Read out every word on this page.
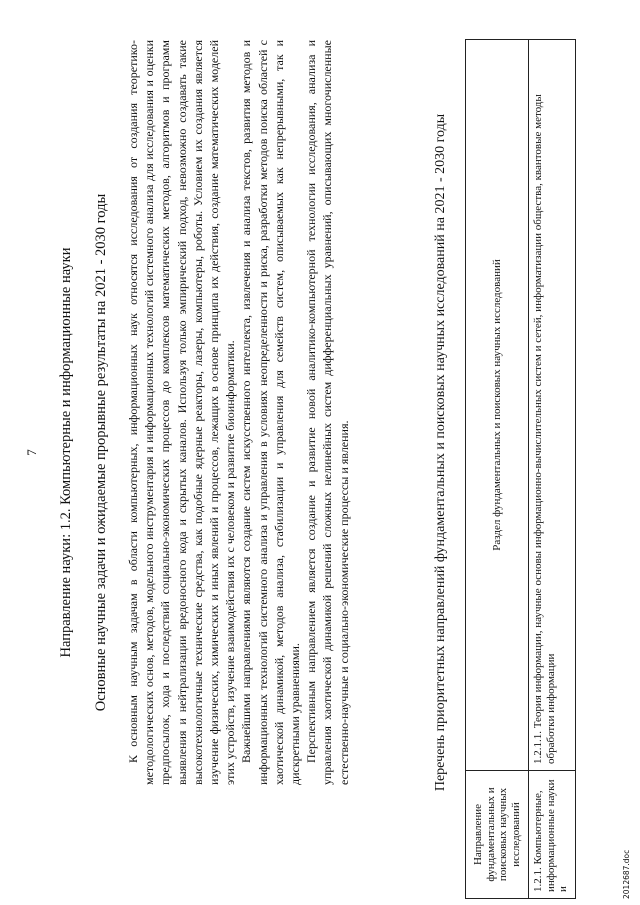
7 Направление науки: 1.2. Компьютерные и информационные науки Основные научные задачи и ожидаемые прорывные результаты на 2021 - 2030 годы К основным научным задачам в области компьютерных, информационных наук относятся исследования от создания теоретико-методологических основ, методов, модельного инструментария и информационных технологий системного анализа для исследования и оценки предпосылок, хода и последствий социально-экономических процессов до комплексов математических методов, алгоритмов и программ выявления и нейтрализации вредоносного кода и скрытых каналов. Используя только эмпирический подход, невозможно создавать такие высокотехнологичные технические средства, как подобные ядерные реакторы, лазеры, компьютеры, роботы. Условием их создания является изучение физических, химических и иных явлений и процессов, лежащих в основе принципа их действия, создание математических моделей этих устройств, изучение взаимодействия их с человеком и развитие биоинформатики. Важнейшими направлениями являются создание систем искусственного интеллекта, извлечения и анализа текстов, развития методов и информационных технологий системного анализа и управления в условиях неопределенности и риска, разработки методов поиска областей с хаотической динамикой, методов анализа, стабилизации и управления для семейств систем, описываемых как непрерывными, так и дискретными уравнениями. Перспективным направлением является создание и развитие новой аналитико-компьютерной технологии исследования, анализа и управления хаотической динамикой решений сложных нелинейных систем дифференциальных уравнений, описывающих многочисленные естественно-научные и социально-экономические процессы и явления.	Перечень приоритетных направлений фундаментальных и поисковых научных исследований на 2021 - 2030 годы
Направление фундаментальных и поисковых научных исследований	Раздел фундаментальных и поисковых научных исследований
1.2.1. Компьютерные, информационные науки и	1.2.1.1. Теория информации, научные основы информационно-вычислительных систем и сетей, информатизации общества, квантовые методы обработки информации
2012687.doc
